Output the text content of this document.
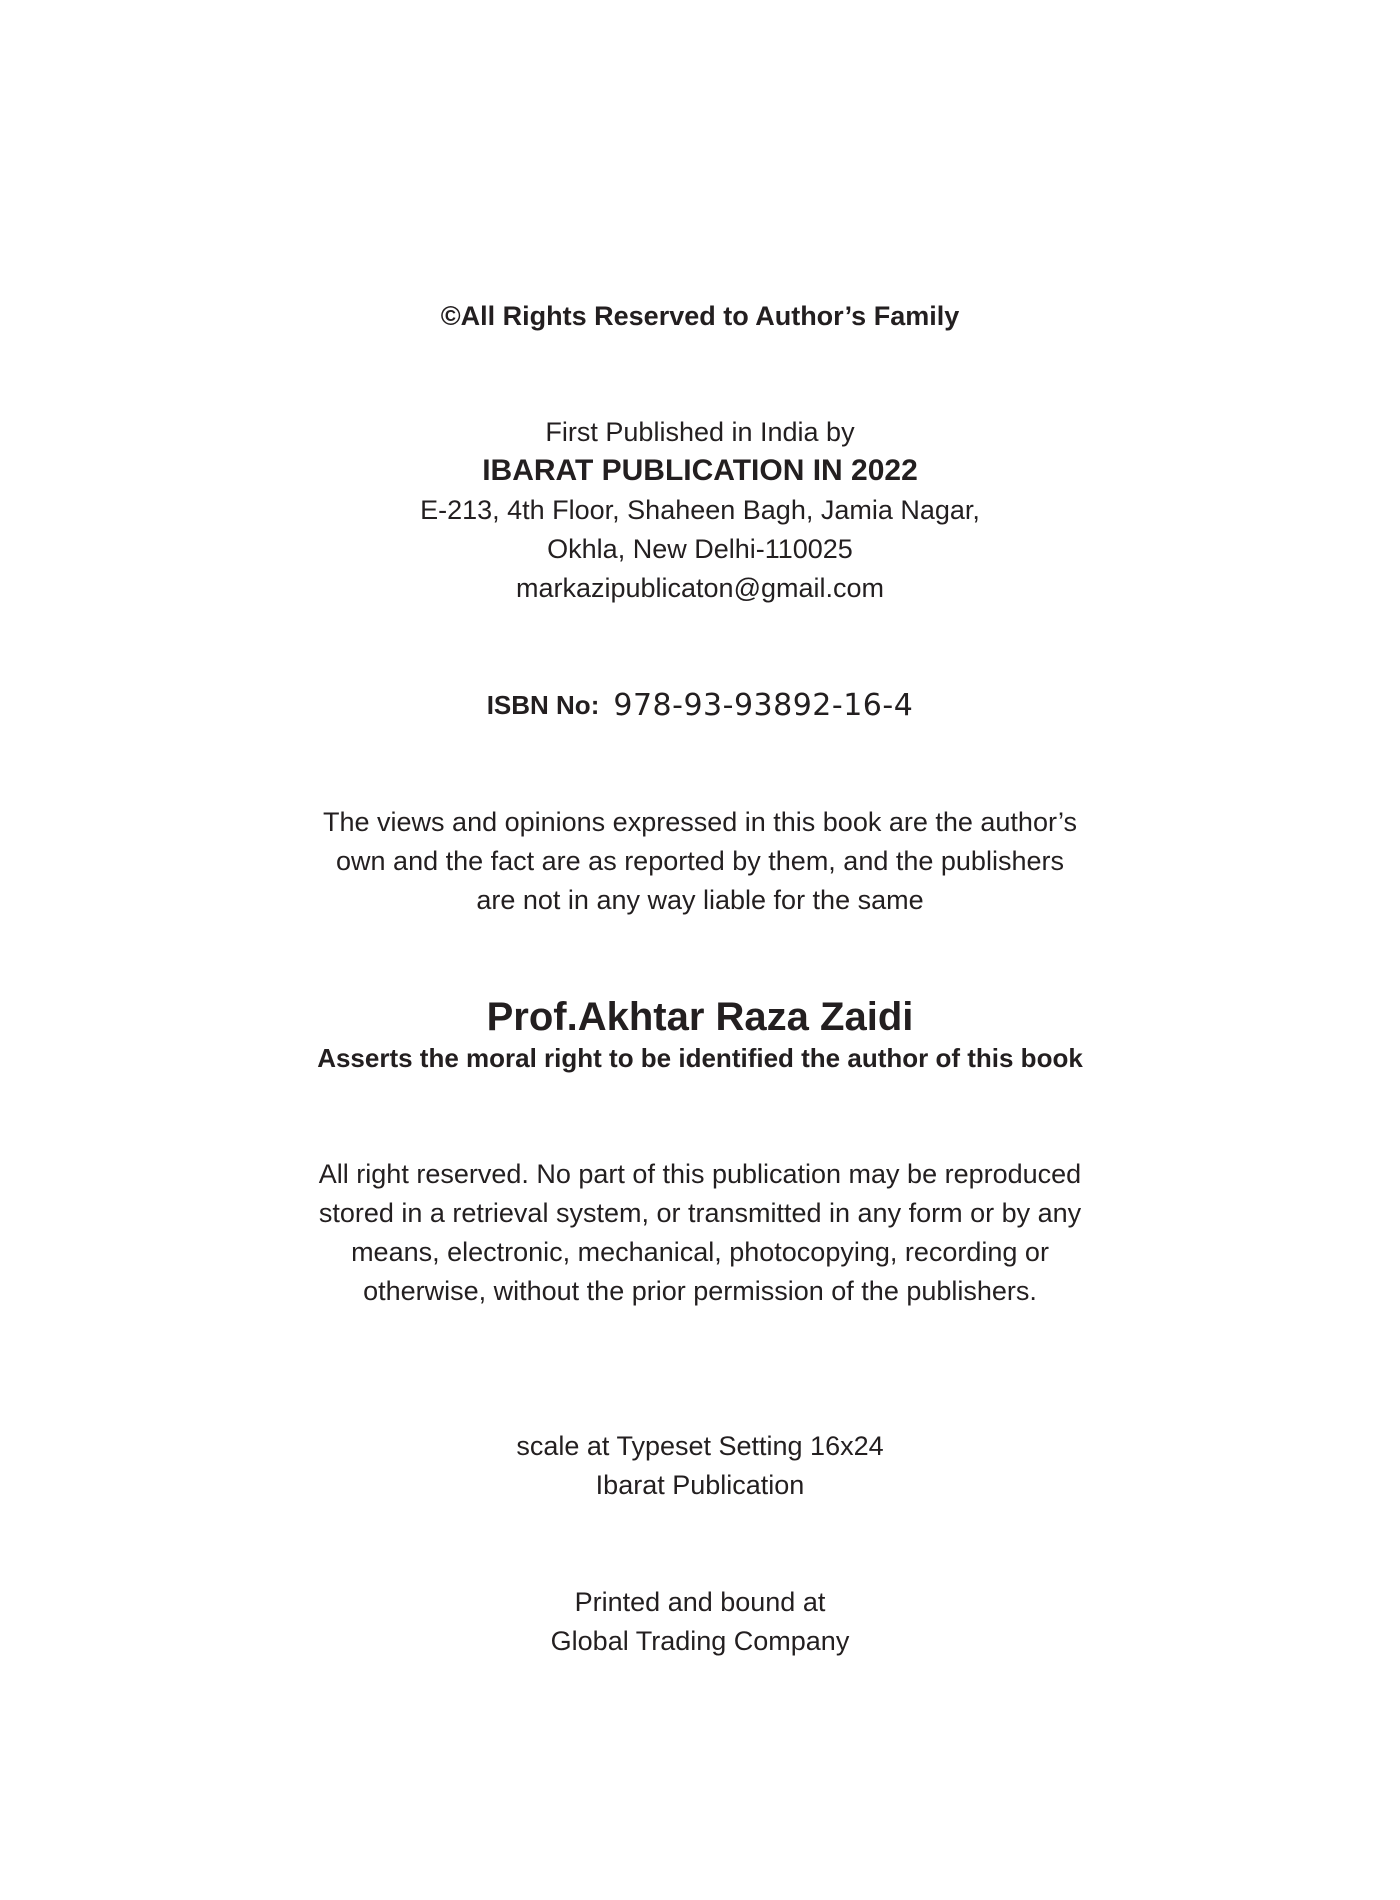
©All Rights Reserved to Author’s Family
First Published in India by
IBARAT PUBLICATION IN 2022
E-213, 4th Floor, Shaheen Bagh, Jamia Nagar,
Okhla, New Delhi-110025
markazipublicaton@gmail.com
ISBN No: 978-93-93892-16-4
The views and opinions expressed in this book are the author’s
own and the fact are as reported by them, and the publishers
are not in any way liable for the same
Prof.Akhtar Raza Zaidi
Asserts the moral right to be identified the author of this book
All right reserved. No part of this publication may be reproduced
stored in a retrieval system, or transmitted in any form or by any
means, electronic, mechanical, photocopying, recording or
otherwise, without the prior permission of the publishers.
scale at Typeset Setting 16x24
Ibarat Publication
Printed and bound at
Global Trading Company
